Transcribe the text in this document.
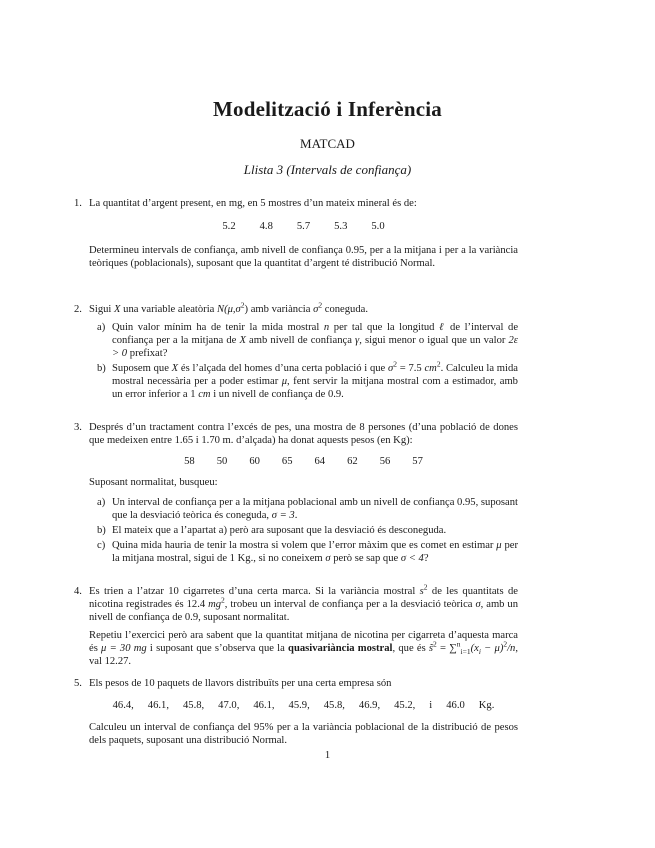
Modelització i Inferència
MATCAD
Llista 3 (Intervals de confiança)
1. La quantitat d’argent present, en mg, en 5 mostres d’un mateix mineral és de:

5.2 4.8 5.7 5.3 5.0

Determineu intervals de confiança, amb nivell de confiança 0.95, per a la mitjana i per a la variància teòriques (poblacionals), suposant que la quantitat d’argent té distribució Normal.

2. Sigui X una variable aleatòria $N(\mu,\sigma^2)$ amb variància $\sigma^2$ coneguda.

a) Quin valor mínim ha de tenir la mida mostral n per tal que la longitud ℓ de l’interval de confiança per a la mitjana de X amb nivell de confiança γ, sigui menor o igual que un valor 2ε > 0 prefixat?
b) Suposem que X és l’alçada del homes d’una certa població i que $\sigma^2 = 7.5$ $cm^2$. Calculeu la mida mostral necessària per a poder estimar μ, fent servir la mitjana mostral com a estimador, amb un error inferior a 1 cm i un nivell de confiança de 0.9.
3. Després d’un tractament contra l’excés de pes, una mostra de 8 persones (d’una població de dones que medeixen entre 1.65 i 1.70 m. d’alçada) ha donat aquests pesos (en Kg):

58 50 60 65 64 62 56 57

Suposant normalitat, busqueu:

a) Un interval de confiança per a la mitjana poblacional amb un nivell de confiança 0.95, suposant que la desviació teòrica és coneguda, σ = 3.
b) El mateix que a l’apartat a) però ara suposant que la desviació és desconeguda.
c) Quina mida hauria de tenir la mostra si volem que l’error màxim que es comet en estimar μ per la mitjana mostral, sigui de 1 Kg., si no coneixem σ però se sap que σ < 4?
4. Es trien a l’atzar 10 cigarretes d’una certa marca. Si la variància mostral $s^2$ de les quantitats de nicotina registrades és 12.4 $mg^2$, trobeu un interval de confiança per a la desviació teòrica σ, amb un nivell de confiança de 0.9, suposant normalitat.

Repetiu l’exercici però ara sabent que la quantitat mitjana de nicotina per cigarreta d’aquesta marca és μ = 30 mg i suposant que s’observa que la quasivariància mostral, que és s̃$^2$ = $\sum^n_{i=1}(x_i - \mu)^2/n$, val 12.27.

5. Els pesos de 10 paquets de llavors distribuïts per una certa empresa són

46.4, 46.1, 45.8, 47.0, 46.1, 45.9, 45.8, 46.9, 45.2, i 46.0 Kg.

Calculeu un interval de confiança del 95% per a la variància poblacional de la distribució de pesos dels paquets, suposant una distribució Normal.

1
